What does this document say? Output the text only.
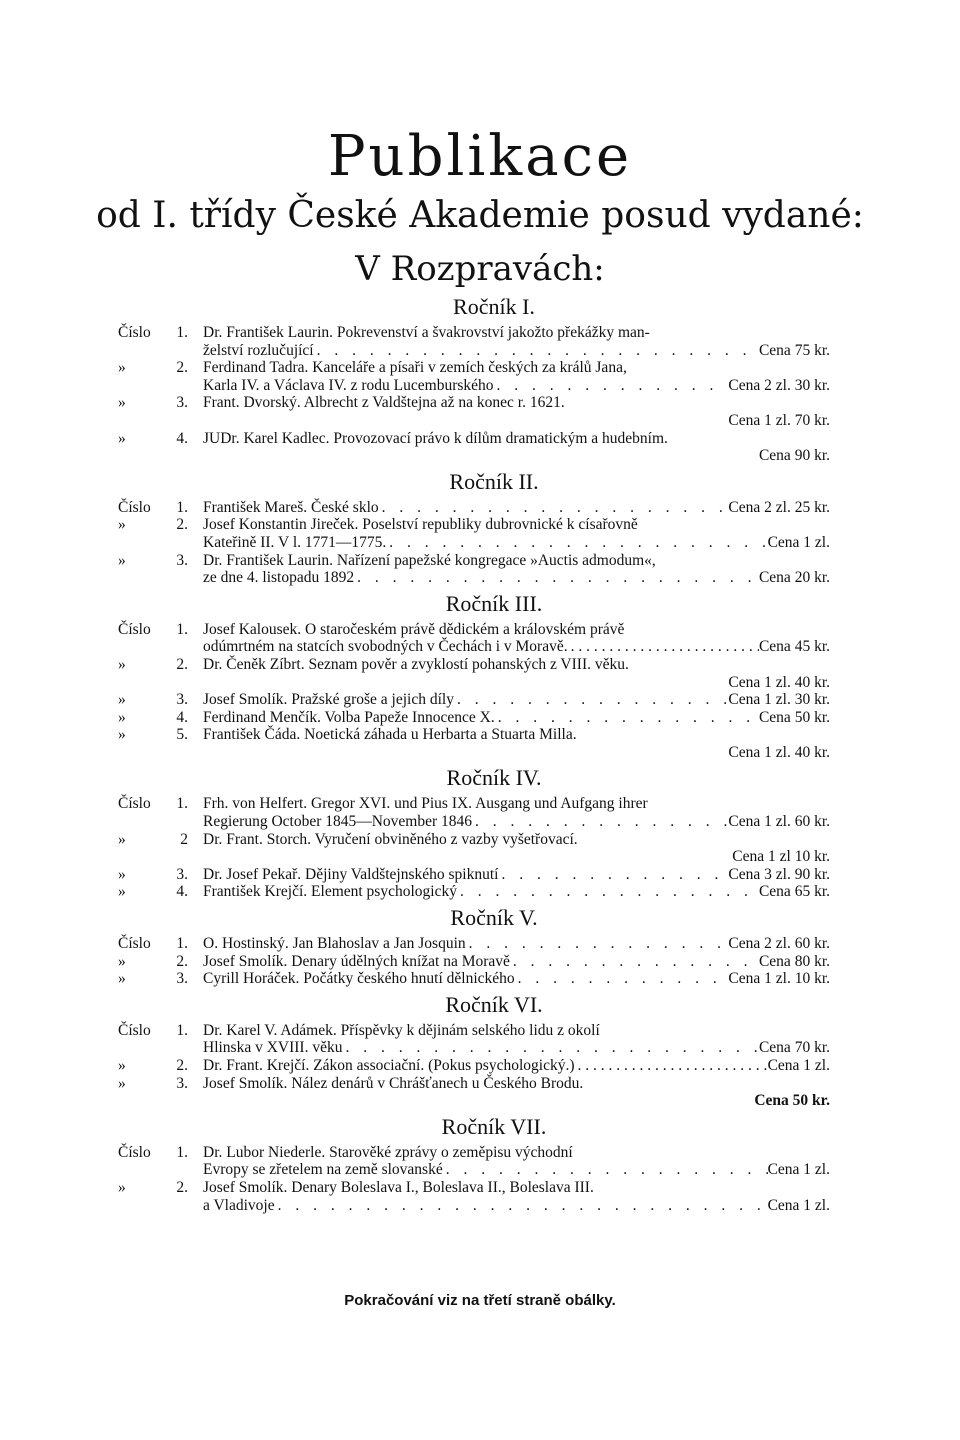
Publikace
od I. třídy České Akademie posud vydané:
V Rozpravách:
Ročník I.
Číslo 1. Dr. František Laurin. Pokrevenství a švakrovství jakožto překážky man-
želství rozlučující . . .	Cena 75 kr.
»	2. Ferdinand Tadra. Kanceláře a písaři v zemích českých za králů Jana,
Karla IV. a Václava IV. z rodu Lucemburského . . .	Cena 2 zl. 30 kr.
»	3. Frant. Dvorský. Albrecht z Valdštejna až na konec r. 1621.
Cena 1 zl. 70 kr.
»	4. JUDr. Karel Kadlec. Provozovací právo k dílům dramatickým a hudebním.
Cena 90 kr.
Ročník II.
Číslo 1. František Mareš. České sklo . . .	Cena 2 zl. 25 kr.
»	2. Josef Konstantin Jireček. Poselství republiky dubrovnické k císařovně
Kateřině II. V l. 1771—1775. . . .	Cena 1 zl.
»	3. Dr. František Laurin. Nařízení papežské kongregace »Auctis admodum«,
ze dne 4. listopadu 1892 . . .	Cena 20 kr.
Ročník III.
Číslo 1. Josef Kalousek. O staročeském právě dědickém a královském právě
odúmrtném na statcích svobodných v Čechách i v Moravě. . . .	Cena 45 kr.
»	2. Dr. Čeněk Zíbrt. Seznam pověr a zvyklostí pohanských z VIII. věku.
Cena 1 zl. 40 kr.
»	3. Josef Smolík. Pražské groše a jejich díly . . .	Cena 1 zl. 30 kr.
»	4. Ferdinand Menčík. Volba Papeže Innocence X. . . .	Cena 50 kr.
»	5. František Čáda. Noetická záhada u Herbarta a Stuarta Milla.
Cena 1 zl. 40 kr.
Ročník IV.
Číslo 1. Frh. von Helfert. Gregor XVI. und Pius IX. Ausgang und Aufgang ihrer
Regierung October 1845—November 1846 . . .	Cena 1 zl. 60 kr.
»	2 Dr. Frant. Storch. Vyručení obviněného z vazby vyšetřovací.
Cena 1 zl 10 kr.
»	3. Dr. Josef Pekař. Dějiny Valdštejnského spiknutí . . .	Cena 3 zl. 90 kr.
»	4. František Krejčí. Element psychologický . . .	Cena 65 kr.
Ročník V.
Číslo 1. O. Hostinský. Jan Blahoslav a Jan Josquin . . .	Cena 2 zl. 60 kr.
»	2. Josef Smolík. Denary údělných knížat na Moravě . . .	Cena 80 kr.
»	3. Cyrill Horáček. Počátky českého hnutí dělnického . . .	Cena 1 zl. 10 kr.
Ročník VI.
Číslo 1. Dr. Karel V. Adámek. Příspěvky k dějinám selského lidu z okolí
Hlinska v XVIII. věku . . .	Cena 70 kr.
»	2. Dr. Frant. Krejčí. Zákon associační. (Pokus psychologický.) . . .	Cena 1 zl.
»	3. Josef Smolík. Nález denárů v Chrášťanech u Českého Brodu.
Cena 50 kr.
Ročník VII.
Číslo 1. Dr. Lubor Niederle. Starověké zprávy o zeměpisu východní
Evropy se zřetelem na země slovanské . . .	Cena 1 zl.
»	2. Josef Smolík. Denary Boleslava I., Boleslava II., Boleslava III.
a Vladivoje . . .	Cena 1 zl.
Pokračování viz na třetí straně obálky.
